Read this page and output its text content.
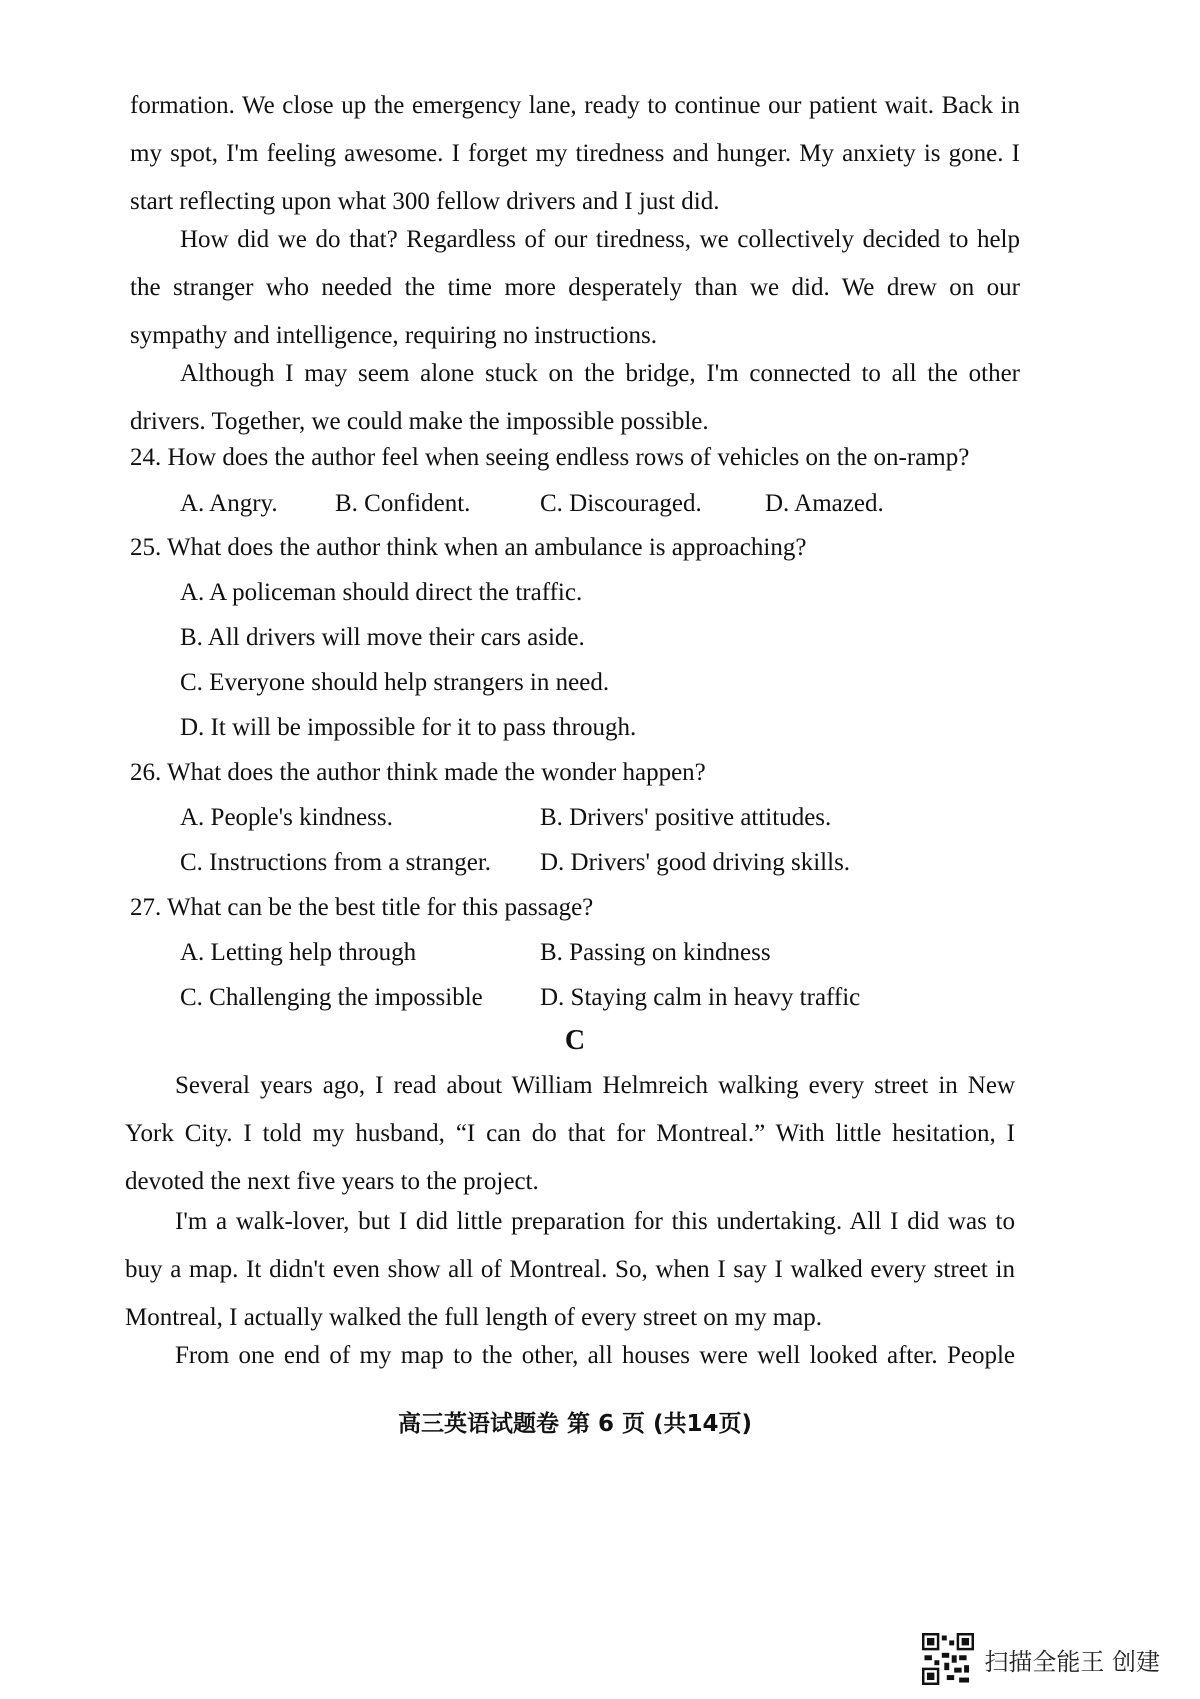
formation. We close up the emergency lane, ready to continue our patient wait. Back in my spot, I'm feeling awesome. I forget my tiredness and hunger. My anxiety is gone. I start reflecting upon what 300 fellow drivers and I just did.
How did we do that? Regardless of our tiredness, we collectively decided to help the stranger who needed the time more desperately than we did. We drew on our sympathy and intelligence, requiring no instructions.
Although I may seem alone stuck on the bridge, I'm connected to all the other drivers. Together, we could make the impossible possible.
24. How does the author feel when seeing endless rows of vehicles on the on-ramp?
A. Angry. B. Confident.	C. Discouraged.	D. Amazed.
25. What does the author think when an ambulance is approaching?
A. A policeman should direct the traffic.
B. All drivers will move their cars aside.
C. Everyone should help strangers in need.
D. It will be impossible for it to pass through.
26. What does the author think made the wonder happen?
A. People's kindness.	B. Drivers' positive attitudes.
C. Instructions from a stranger. D. Drivers' good driving skills.
27. What can be the best title for this passage?
A. Letting help through	B. Passing on kindness
C. Challenging the impossible D. Staying calm in heavy traffic
C
Several years ago, I read about William Helmreich walking every street in New York City. I told my husband, “I can do that for Montreal.” With little hesitation, I devoted the next five years to the project.
I'm a walk-lover, but I did little preparation for this undertaking. All I did was to buy a map. It didn't even show all of Montreal. So, when I say I walked every street in Montreal, I actually walked the full length of every street on my map.
From one end of my map to the other, all houses were well looked after. People
高三英语试题卷 第 6 页 (共14页)
扫描全能王 创建
